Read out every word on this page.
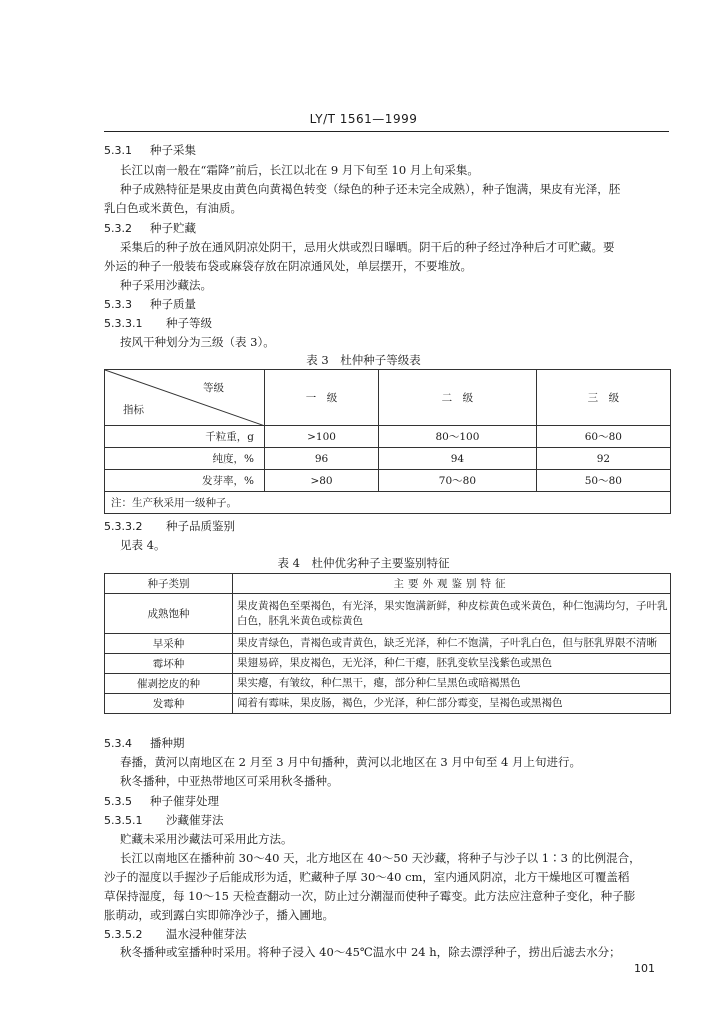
LY/T 1561—1999
5.3.1 种子采集
长江以南一般在“霜降”前后，长江以北在 9 月下旬至 10 月上旬采集。
种子成熟特征是果皮由黄色向黄褐色转变（绿色的种子还未完全成熟），种子饱满，果皮有光泽，胚
乳白色或米黄色，有油质。
5.3.2 种子贮藏
采集后的种子放在通风阴凉处阴干，忌用火烘或烈日曝晒。阴干后的种子经过净种后才可贮藏。要
外运的种子一般装布袋或麻袋存放在阴凉通风处，单层摆开，不要堆放。
种子采用沙藏法。
5.3.3 种子质量
5.3.3.1 种子等级
按风干种划分为三级（表 3）。
表 3　杜仲种子等级表
等级
指标	一　级	二　级	三　级
千粒重，g	>100	80～100	60～80
纯度，%	96	94	92
发芽率，%	>80	70～80	50～80
注：生产秋采用一级种子。			
5.3.3.2 种子品质鉴别
见表 4。
表 4　杜仲优劣种子主要鉴别特征
种子类别	主要外观鉴别特征
成熟饱种	果皮黄褐色至栗褐色，有光泽，果实饱满新鲜，种皮棕黄色或米黄色，种仁饱满均匀，子叶乳白色，胚乳米黄色或棕黄色
早采种	果皮青绿色，青褐色或青黄色，缺乏光泽，种仁不饱满，子叶乳白色，但与胚乳界限不清晰
霉坏种	果翅易碎，果皮褐色，无光泽，种仁干瘪，胚乳变软呈浅紫色或黑色
催剥挖皮的种	果实瘪，有皱纹，种仁黑干，瘪，部分种仁呈黑色或暗褐黑色
发霉种	闻着有霉味，果皮肠，褐色，少光泽，种仁部分霉变，呈褐色或黑褐色
5.3.4 播种期
春播，黄河以南地区在 2 月至 3 月中旬播种，黄河以北地区在 3 月中旬至 4 月上旬进行。
秋冬播种，中亚热带地区可采用秋冬播种。
5.3.5 种子催芽处理
5.3.5.1 沙藏催芽法
贮藏未采用沙藏法可采用此方法。
长江以南地区在播种前 30～40 天，北方地区在 40～50 天沙藏，将种子与沙子以 1∶3 的比例混合，
沙子的湿度以手握沙子后能成形为适，贮藏种子厚 30～40 cm，室内通风阴凉，北方干燥地区可覆盖稻
草保持湿度，每 10～15 天检查翻动一次，防止过分潮湿而使种子霉变。此方法应注意种子变化，种子膨
胀萌动，或到露白实即筛净沙子，播入圃地。
5.3.5.2 温水浸种催芽法
秋冬播种或室播种时采用。将种子浸入 40～45℃温水中 24 h，除去漂浮种子，捞出后滤去水分；
101
